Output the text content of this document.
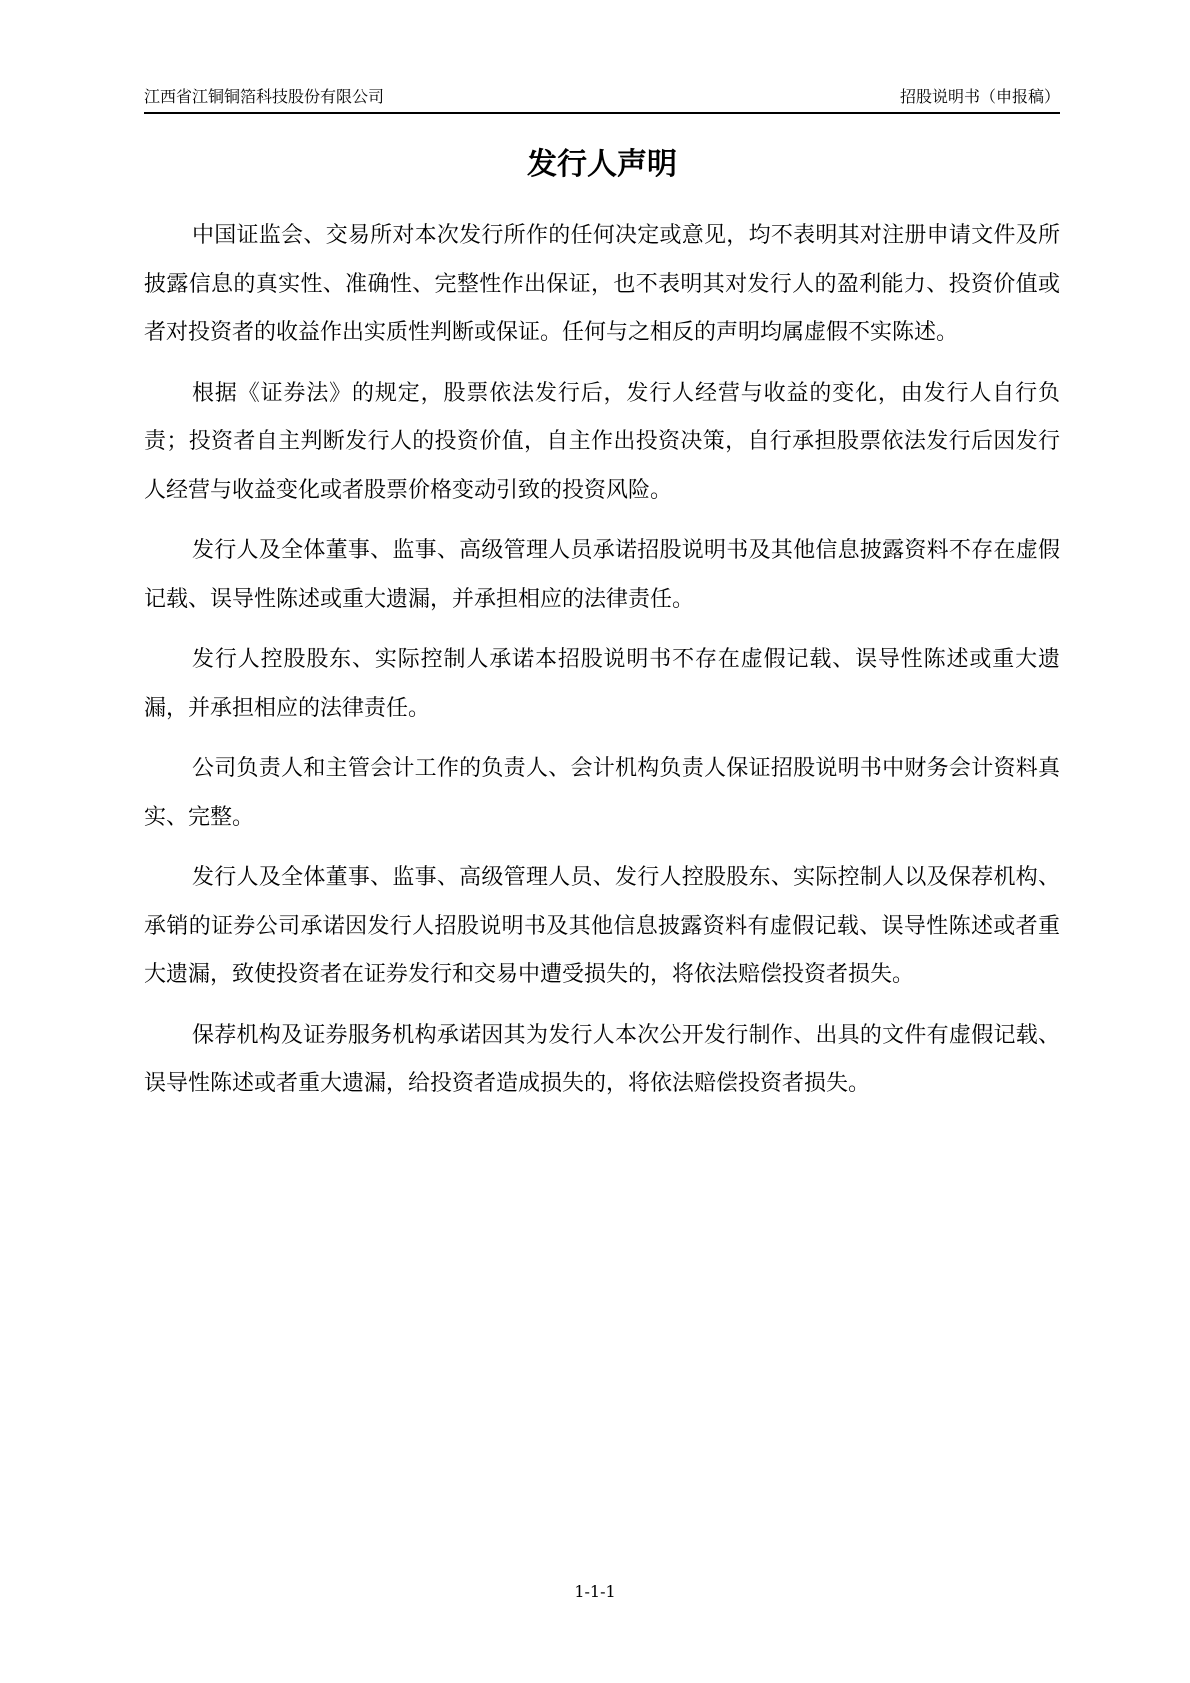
江西省江铜铜箔科技股份有限公司	招股说明书（申报稿）
发行人声明

中国证监会、交易所对本次发行所作的任何决定或意见，均不表明其对注册申请文件及所披露信息的真实性、准确性、完整性作出保证，也不表明其对发行人的盈利能力、投资价值或者对投资者的收益作出实质性判断或保证。任何与之相反的声明均属虚假不实陈述。

根据《证券法》的规定，股票依法发行后，发行人经营与收益的变化，由发行人自行负责；投资者自主判断发行人的投资价值，自主作出投资决策，自行承担股票依法发行后因发行人经营与收益变化或者股票价格变动引致的投资风险。

发行人及全体董事、监事、高级管理人员承诺招股说明书及其他信息披露资料不存在虚假记载、误导性陈述或重大遗漏，并承担相应的法律责任。

发行人控股股东、实际控制人承诺本招股说明书不存在虚假记载、误导性陈述或重大遗漏，并承担相应的法律责任。

公司负责人和主管会计工作的负责人、会计机构负责人保证招股说明书中财务会计资料真实、完整。

发行人及全体董事、监事、高级管理人员、发行人控股股东、实际控制人以及保荐机构、承销的证券公司承诺因发行人招股说明书及其他信息披露资料有虚假记载、误导性陈述或者重大遗漏，致使投资者在证券发行和交易中遭受损失的，将依法赔偿投资者损失。

保荐机构及证券服务机构承诺因其为发行人本次公开发行制作、出具的文件有虚假记载、误导性陈述或者重大遗漏，给投资者造成损失的，将依法赔偿投资者损失。

1-1-1
